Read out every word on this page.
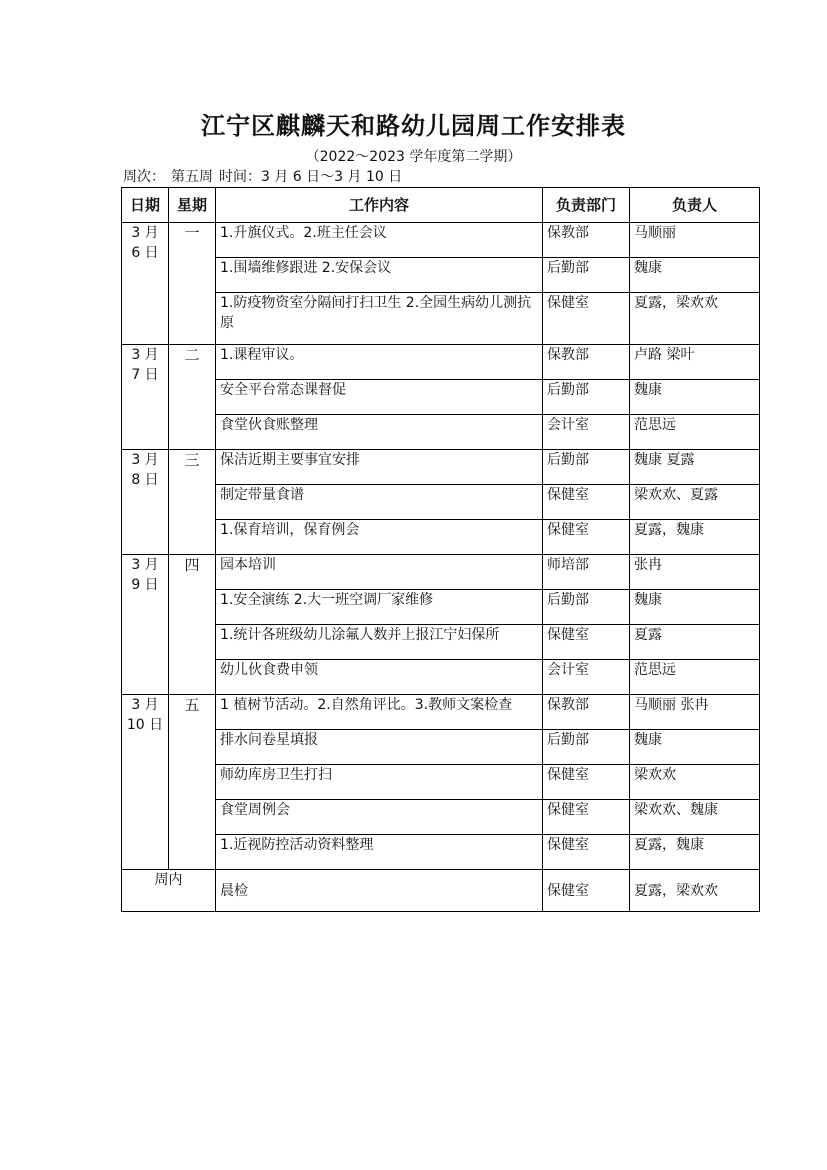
江宁区麒麟天和路幼儿园周工作安排表
（2022～2023 学年度第二学期）
周次： 第五周 时间：3 月 6 日～3 月 10 日
日期	星期	工作内容	负责部门	负责人
3 月 6 日	一	1.升旗仪式。2.班主任会议	保教部	马顺丽
		1.围墙维修跟进 2.安保会议	后勤部	魏康
		1.防疫物资室分隔间打扫卫生 2.全园生病幼儿测抗原	保健室	夏露，梁欢欢
3 月 7 日	二	1.课程审议。	保教部	卢路 梁叶
		安全平台常态课督促	后勤部	魏康
		食堂伙食账整理	会计室	范思远
3 月 8 日	三	保洁近期主要事宜安排	后勤部	魏康 夏露
		制定带量食谱	保健室	梁欢欢、夏露
		1.保育培训，保育例会	保健室	夏露，魏康
3 月 9 日	四	园本培训	师培部	张冉
		1.安全演练 2.大一班空调厂家维修	后勤部	魏康
		1.统计各班级幼儿涂氟人数并上报江宁妇保所	保健室	夏露
		幼儿伙食费申领	会计室	范思远
3 月 10 日	五	1 植树节活动。2.自然角评比。3.教师文案检查	保教部	马顺丽 张冉
		排水问卷星填报	后勤部	魏康
		师幼库房卫生打扫	保健室	梁欢欢
		食堂周例会	保健室	梁欢欢、魏康
		1.近视防控活动资料整理	保健室	夏露，魏康
周内		晨检	保健室	夏露，梁欢欢
